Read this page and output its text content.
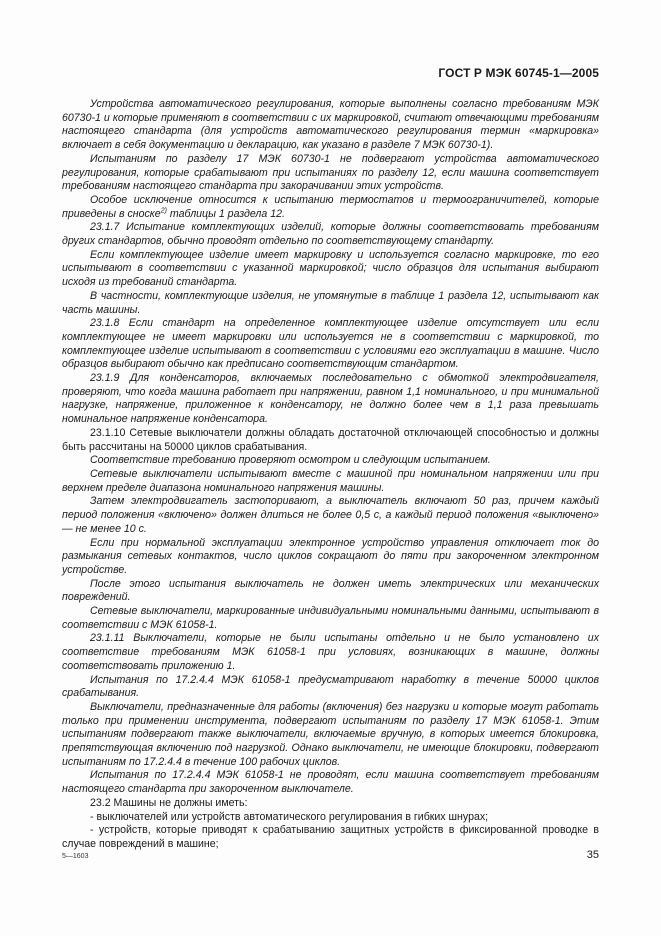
ГОСТ Р МЭК 60745-1—2005

Устройства автоматического регулирования, которые выполнены согласно требованиям МЭК 60730-1 и которые применяют в соответствии с их маркировкой, считают отвечающими требованиям настоящего стандарта (для устройств автоматического регулирования термин «маркировка» включает в себя документацию и декларацию, как указано в разделе 7 МЭК 60730-1).

Испытаниям по разделу 17 МЭК 60730-1 не подвергают устройства автоматического регулирования, которые срабатывают при испытаниях по разделу 12, если машина соответствует требованиям настоящего стандарта при закорачивании этих устройств.

Особое исключение относится к испытанию термостатов и термоограничителей, которые приведены в сноске$^{2)}$ таблицы 1 раздела 12.

23.1.7 Испытание комплектующих изделий, которые должны соответствовать требованиям других стандартов, обычно проводят отдельно по соответствующему стандарту.

Если комплектующее изделие имеет маркировку и используется согласно маркировке, то его испытывают в соответствии с указанной маркировкой; число образцов для испытания выбирают исходя из требований стандарта.

В частности, комплектующие изделия, не упомянутые в таблице 1 раздела 12, испытывают как часть машины.

23.1.8 Если стандарт на определенное комплектующее изделие отсутствует или если комплектующее не имеет маркировки или используется не в соответствии с маркировкой, то комплектующее изделие испытывают в соответствии с условиями его эксплуатации в машине. Число образцов выбирают обычно как предписано соответствующим стандартом.

23.1.9 Для конденсаторов, включаемых последовательно с обмоткой электродвигателя, проверяют, что когда машина работает при напряжении, равном 1,1 номинального, и при минимальной нагрузке, напряжение, приложенное к конденсатору, не должно более чем в 1,1 раза превышать номинальное напряжение конденсатора.

23.1.10 Сетевые выключатели должны обладать достаточной отключающей способностью и должны быть рассчитаны на 50000 циклов срабатывания.

Соответствие требованию проверяют осмотром и следующим испытанием.

Сетевые выключатели испытывают вместе с машиной при номинальном напряжении или при верхнем пределе диапазона номинального напряжения машины.

Затем электродвигатель застопоривают, а выключатель включают 50 раз, причем каждый период положения «включено» должен длиться не более 0,5 с, а каждый период положения «выключено» — не менее 10 с.

Если при нормальной эксплуатации электронное устройство управления отключает ток до размыкания сетевых контактов, число циклов сокращают до пяти при закороченном электронном устройстве.

После этого испытания выключатель не должен иметь электрических или механических повреждений.

Сетевые выключатели, маркированные индивидуальными номинальными данными, испытывают в соответствии с МЭК 61058-1.

23.1.11 Выключатели, которые не были испытаны отдельно и не было установлено их соответствие требованиям МЭК 61058-1 при условиях, возникающих в машине, должны соответствовать приложению 1.

Испытания по 17.2.4.4 МЭК 61058-1 предусматривают наработку в течение 50000 циклов срабатывания.

Выключатели, предназначенные для работы (включения) без нагрузки и которые могут работать только при применении инструмента, подвергают испытаниям по разделу 17 МЭК 61058-1. Этим испытаниям подвергают также выключатели, включаемые вручную, в которых имеется блокировка, препятствующая включению под нагрузкой. Однако выключатели, не имеющие блокировки, подвергают испытаниям по 17.2.4.4 в течение 100 рабочих циклов.

Испытания по 17.2.4.4 МЭК 61058-1 не проводят, если машина соответствует требованиям настоящего стандарта при закороченном выключателе.

23.2 Машины не должны иметь:

- выключателей или устройств автоматического регулирования в гибких шнурах;

- устройств, которые приводят к срабатыванию защитных устройств в фиксированной проводке в случае повреждений в машине;

5—1603	35
